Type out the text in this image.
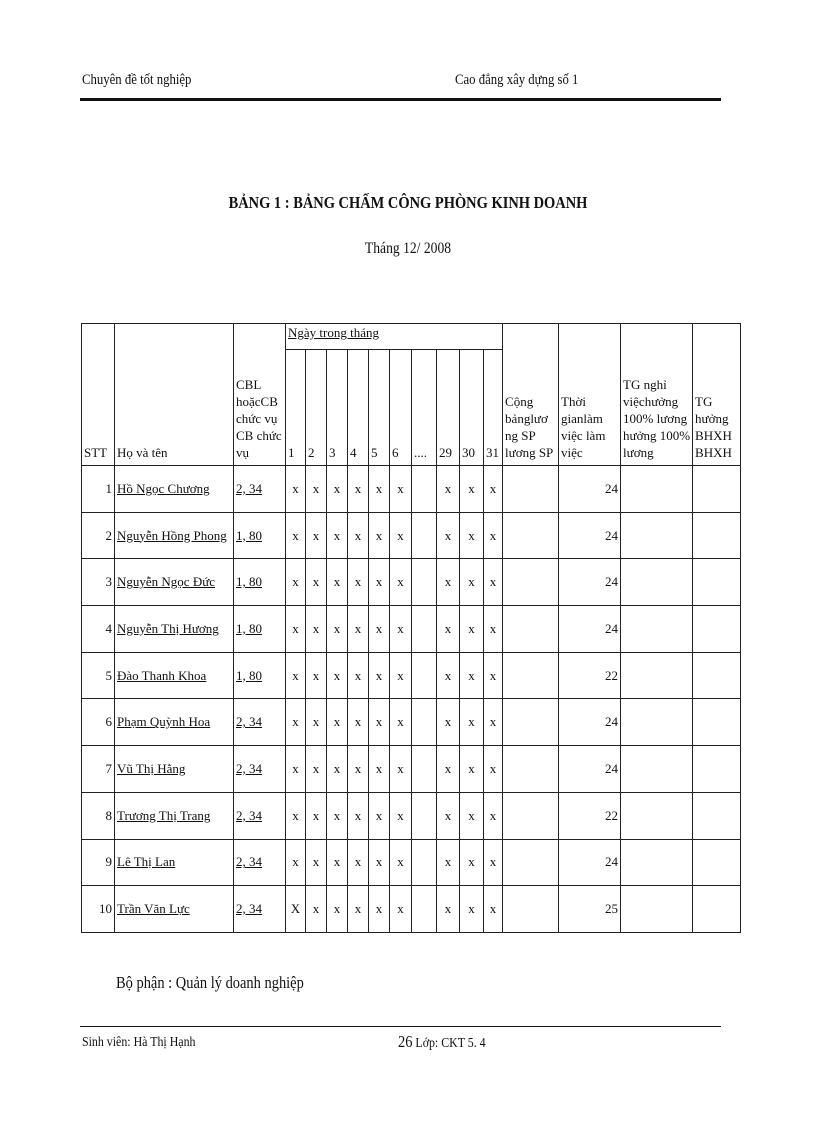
Chuyên đề tốt nghiệp	Cao đẳng xây dựng số 1
BẢNG 1 : BẢNG CHẤM CÔNG PHÒNG KINH DOANH
Tháng 12/ 2008
STT	Họ và tên	CBL hoặcCB chức vụ CB chức vụ	Ngày trong tháng										Cộng bảnglươ ng SP lương SP	Thời gianlàm việc làm việc	TG nghỉ việchưởng 100% lương hưởng 100% lương	TG hưởng BHXH BHXH
			1	2	3	4	5	6	....	29	30	31				
1	Hồ Ngọc Chương	2, 34	x	x	x	x	x	x		x	x	x		24		
2	Nguyễn Hồng Phong	1, 80	x	x	x	x	x	x		x	x	x		24		
3	Nguyễn Ngọc Đức	1, 80	x	x	x	x	x	x		x	x	x		24		
4	Nguyễn Thị Hương	1, 80	x	x	x	x	x	x		x	x	x		24		
5	Đào Thanh Khoa	1, 80	x	x	x	x	x	x		x	x	x		22		
6	Phạm Quỳnh Hoa	2, 34	x	x	x	x	x	x		x	x	x		24		
7	Vũ Thị Hằng	2, 34	x	x	x	x	x	x		x	x	x		24		
8	Trương Thị Trang	2, 34	x	x	x	x	x	x		x	x	x		22		
9	Lê Thị Lan	2, 34	x	x	x	x	x	x		x	x	x		24		
10	Trần Văn Lực	2, 34	X	x	x	x	x	x		x	x	x		25		
Bộ phận : Quản lý doanh nghiệp
Sinh viên: Hà Thị Hạnh	26 Lớp: CKT 5. 4
